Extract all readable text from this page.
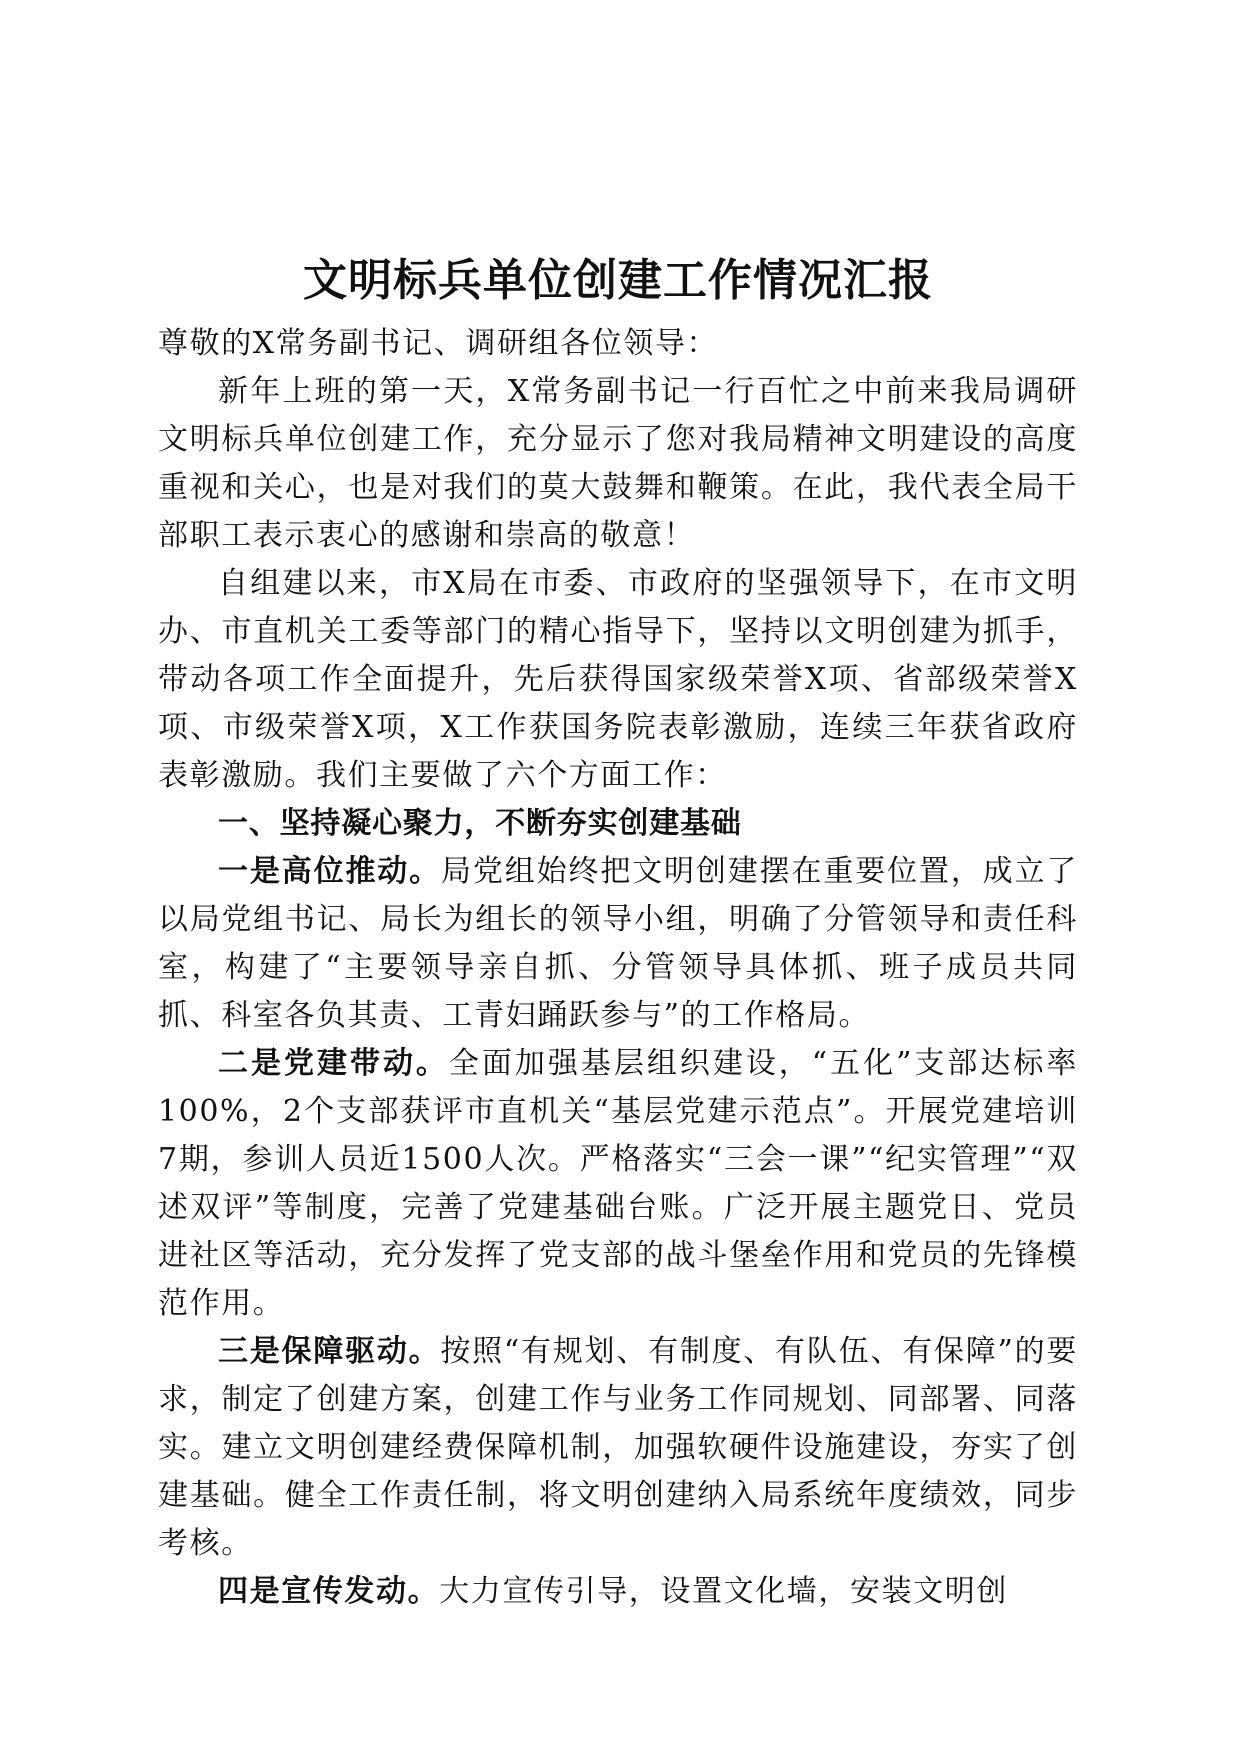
文明标兵单位创建工作情况汇报

尊敬的X常务副书记、调研组各位领导：

新年上班的第一天，X常务副书记一行百忙之中前来我局调研文明标兵单位创建工作，充分显示了您对我局精神文明建设的高度重视和关心，也是对我们的莫大鼓舞和鞭策。在此，我代表全局干部职工表示衷心的感谢和崇高的敬意！

自组建以来，市X局在市委、市政府的坚强领导下，在市文明办、市直机关工委等部门的精心指导下，坚持以文明创建为抓手，带动各项工作全面提升，先后获得国家级荣誉X项、省部级荣誉X项、市级荣誉X项，X工作获国务院表彰激励，连续三年获省政府表彰激励。我们主要做了六个方面工作：

一、坚持凝心聚力，不断夯实创建基础

一是高位推动。局党组始终把文明创建摆在重要位置，成立了以局党组书记、局长为组长的领导小组，明确了分管领导和责任科室，构建了“主要领导亲自抓、分管领导具体抓、班子成员共同抓、科室各负其责、工青妇踊跃参与”的工作格局。

二是党建带动。全面加强基层组织建设，“五化”支部达标率100%，2个支部获评市直机关“基层党建示范点”。开展党建培训7期，参训人员近1500人次。严格落实“三会一课”“纪实管理”“双述双评”等制度，完善了党建基础台账。广泛开展主题党日、党员进社区等活动，充分发挥了党支部的战斗堡垒作用和党员的先锋模范作用。

三是保障驱动。按照“有规划、有制度、有队伍、有保障”的要求，制定了创建方案，创建工作与业务工作同规划、同部署、同落实。建立文明创建经费保障机制，加强软硬件设施建设，夯实了创建基础。健全工作责任制，将文明创建纳入局系统年度绩效，同步考核。

四是宣传发动。大力宣传引导，设置文化墙，安装文明创
